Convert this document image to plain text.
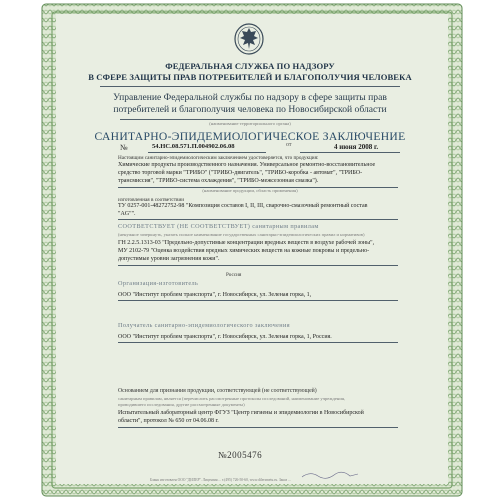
ФЕДЕРАЛЬНАЯ СЛУЖБА ПО НАДЗОРУ
В СФЕРЕ ЗАЩИТЫ ПРАВ ПОТРЕБИТЕЛЕЙ И БЛАГОПОЛУЧИЯ ЧЕЛОВЕКА
Управление Федеральной службы по надзору в сфере защиты прав
потребителей и благополучия человека по Новосибирской области
(наименование территориального органа)
САНИТАРНО-ЭПИДЕМИОЛОГИЧЕСКОЕ ЗАКЛЮЧЕНИЕ
№	54.НС.08.571.П.004902.06.08	от	4 июня 2008 г.
Настоящим санитарно-эпидемиологическим заключением удостоверяется, что продукция:
Химические продукты производственного назначения. Универсальное ремонтно-восстановительное
средство торговой марки "ТРИБО" ("ТРИБО-двигатель", "ТРИБО-коробка - автомат", "ТРИБО-
трансмиссия", "ТРИБО-система охлаждения", "ТРИБО-межсезонная смазка").
(наименование продукции, область применения)
изготовленная в соответствии
ТУ 0257-001-48272752-98 "Композиция составов I, II, III, сварочно-смазочный ремонтный состав
"AG"".
СООТВЕТСТВУЕТ (НЕ СООТВЕТСТВУЕТ) санитарным правилам
(ненужное зачеркнуть, указать полное наименование государственных санитарно-эпидемиологических правил и нормативов)
ГН 2.2.5.1313-03 "Предельно-допустимые концентрации вредных веществ в воздухе рабочей зоны",
МУ 2102-79 "Оценка воздействия вредных химических веществ на кожные покровы и предельно-
допустимые уровни загрязнения кожи".
Россия
Организация-изготовитель
ООО "Институт проблем транспорта", г. Новосибирск, ул. Зеленая горка, 1,
Получатель санитарно-эпидемиологического заключения
ООО "Институт проблем транспорта", г. Новосибирск, ул. Зеленая горка, 1, Россия.
Основанием для признания продукции, соответствующей (не соответствующей)
санитарным правилам, является (перечислить рассмотренные протоколы исследований, наименование учреждения,
проводившего исследования, другие рассмотренные документы)
Испытательный лабораторный центр ФГУЗ "Центр гигиены и эпидемиологии в Новосибирской
области", протокол № 650 от 04.06.08 г.
№2005476
Бланк изготовлен ООО "ДИЛЕР". Лицензия ... т.(495) 726-50-60, www.dilersmetu.ru. Заказ ...
